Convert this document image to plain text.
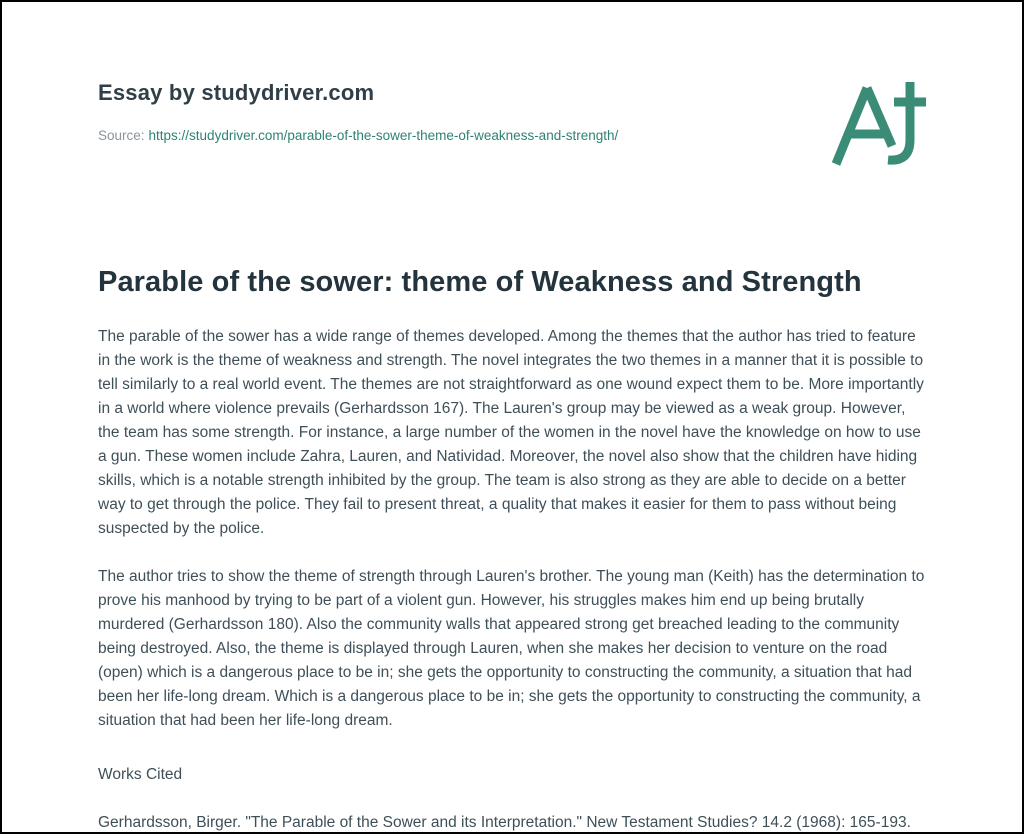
Essay by studydriver.com
Source: https://studydriver.com/parable-of-the-sower-theme-of-weakness-and-strength/
Parable of the sower: theme of Weakness and Strength

The parable of the sower has a wide range of themes developed. Among the themes that the author has tried to feature in the work is the theme of weakness and strength. The novel integrates the two themes in a manner that it is possible to tell similarly to a real world event. The themes are not straightforward as one wound expect them to be. More importantly in a world where violence prevails (Gerhardsson 167). The Lauren's group may be viewed as a weak group. However, the team has some strength. For instance, a large number of the women in the novel have the knowledge on how to use a gun. These women include Zahra, Lauren, and Natividad. Moreover, the novel also show that the children have hiding skills, which is a notable strength inhibited by the group. The team is also strong as they are able to decide on a better way to get through the police. They fail to present threat, a quality that makes it easier for them to pass without being suspected by the police.

The author tries to show the theme of strength through Lauren's brother. The young man (Keith) has the determination to prove his manhood by trying to be part of a violent gun. However, his struggles makes him end up being brutally murdered (Gerhardsson 180). Also the community walls that appeared strong get breached leading to the community being destroyed. Also, the theme is displayed through Lauren, when she makes her decision to venture on the road (open) which is a dangerous place to be in; she gets the opportunity to constructing the community, a situation that had been her life-long dream. Which is a dangerous place to be in; she gets the opportunity to constructing the community, a situation that had been her life-long dream.

Works Cited

Gerhardsson, Birger. "The Parable of the Sower and its Interpretation." New Testament Studies? 14.2 (1968): 165-193.
